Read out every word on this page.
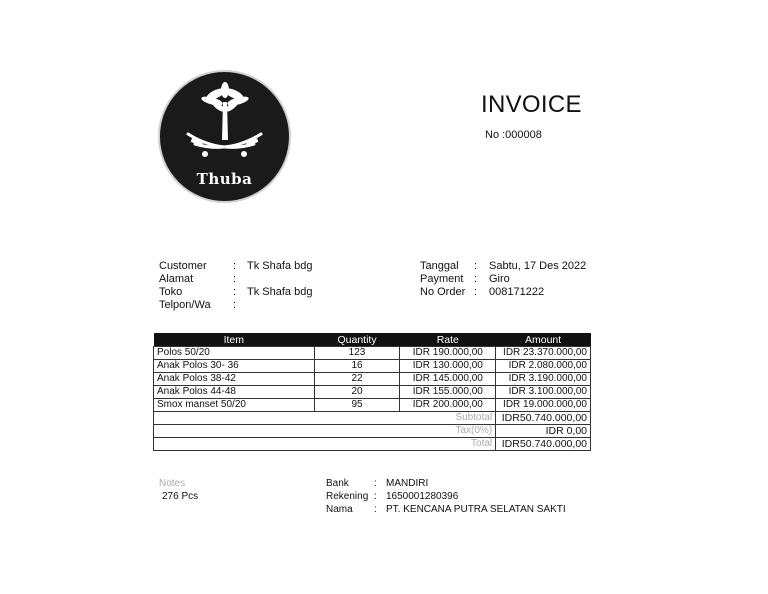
Thuba
INVOICE
No :000008
Customer	: Tk Shafa bdg
Alamat	:
Toko	: Tk Shafa bdg
Telpon/Wa	:
Tanggal	:	Sabtu, 17 Des 2022
Payment :	Giro
No Order :	008171222
Item	Quantity	Rate	Amount
Polos 50/20	123	IDR 190.000,00	IDR 23.370.000,00
Anak Polos 30- 36	16	IDR 130.000,00	IDR 2.080.000,00
Anak Polos 38-42	22	IDR 145.000,00	IDR 3.190.000,00
Anak Polos 44-48	20	IDR 155.000,00	IDR 3.100.000,00
Smox manset 50/20	95	IDR 200.000,00	IDR 19.000.000,00
Subtotal			IDR50.740.000,00
Tax(0%)			IDR 0,00
Total			IDR50.740.000,00
Notes
276 Pcs
Bank	: MANDIRI
Rekening : 1650001280396
Nama	: PT. KENCANA PUTRA SELATAN SAKTI
